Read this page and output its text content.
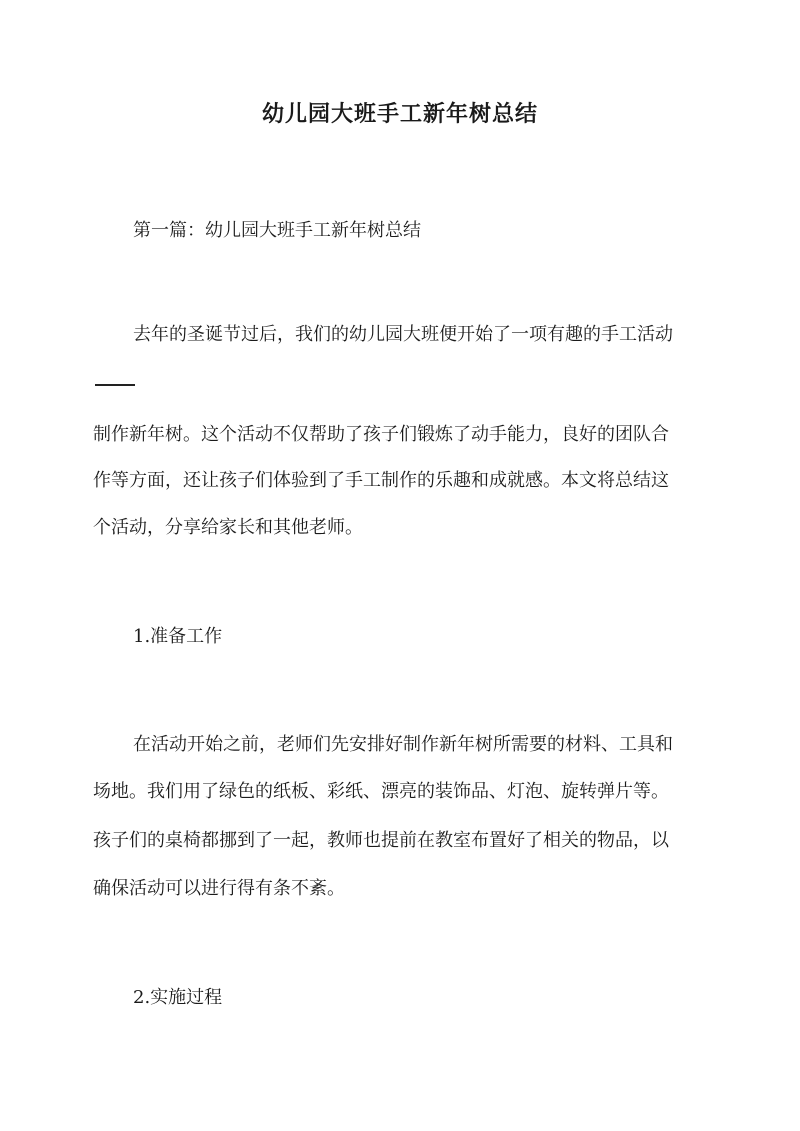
幼儿园大班手工新年树总结
第一篇：幼儿园大班手工新年树总结
去年的圣诞节过后，我们的幼儿园大班便开始了一项有趣的手工活动
制作新年树。这个活动不仅帮助了孩子们锻炼了动手能力，良好的团队合
作等方面，还让孩子们体验到了手工制作的乐趣和成就感。本文将总结这
个活动，分享给家长和其他老师。
1.准备工作
在活动开始之前，老师们先安排好制作新年树所需要的材料、工具和
场地。我们用了绿色的纸板、彩纸、漂亮的装饰品、灯泡、旋转弹片等。
孩子们的桌椅都挪到了一起，教师也提前在教室布置好了相关的物品，以
确保活动可以进行得有条不紊。
2.实施过程
